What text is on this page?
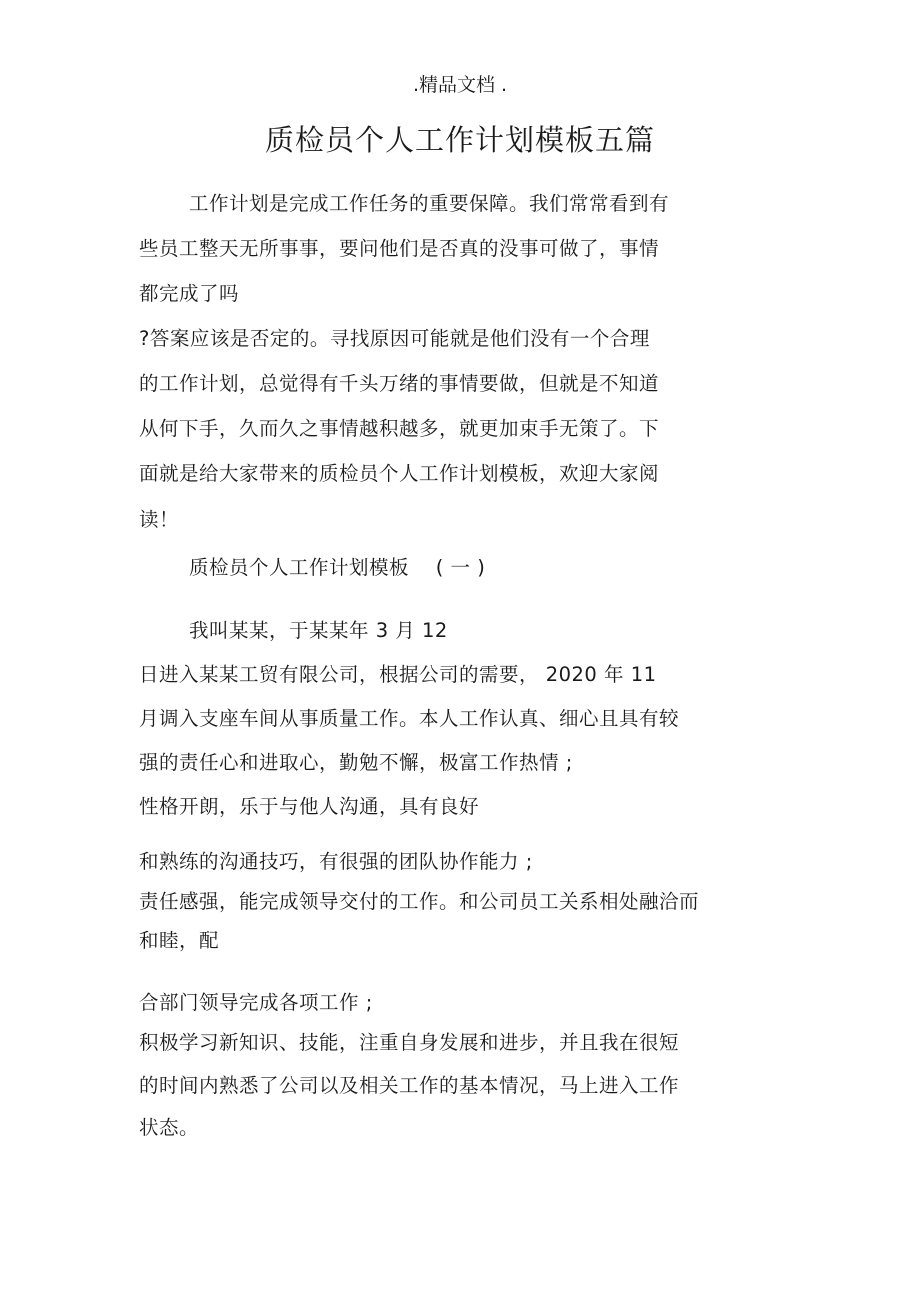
.精品文档 .
质检员个人工作计划模板五篇
工作计划是完成工作任务的重要保障。我们常常看到有
些员工整天无所事事，要问他们是否真的没事可做了，事情
都完成了吗
?答案应该是否定的。寻找原因可能就是他们没有一个合理
的工作计划，总觉得有千头万绪的事情要做，但就是不知道
从何下手，久而久之事情越积越多，就更加束手无策了。下
面就是给大家带来的质检员个人工作计划模板，欢迎大家阅
读！
质检员个人工作计划模板　 ( 一 )
我叫某某，于某某年 3 月 12
日进入某某工贸有限公司，根据公司的需要， 2020 年 11
月调入支座车间从事质量工作。本人工作认真、细心且具有较
强的责任心和进取心，勤勉不懈，极富工作热情 ;
性格开朗，乐于与他人沟通，具有良好
和熟练的沟通技巧，有很强的团队协作能力 ;
责任感强，能完成领导交付的工作。和公司员工关系相处融洽而
和睦，配
合部门领导完成各项工作 ;
积极学习新知识、技能，注重自身发展和进步，并且我在很短
的时间内熟悉了公司以及相关工作的基本情况，马上进入工作
状态。
